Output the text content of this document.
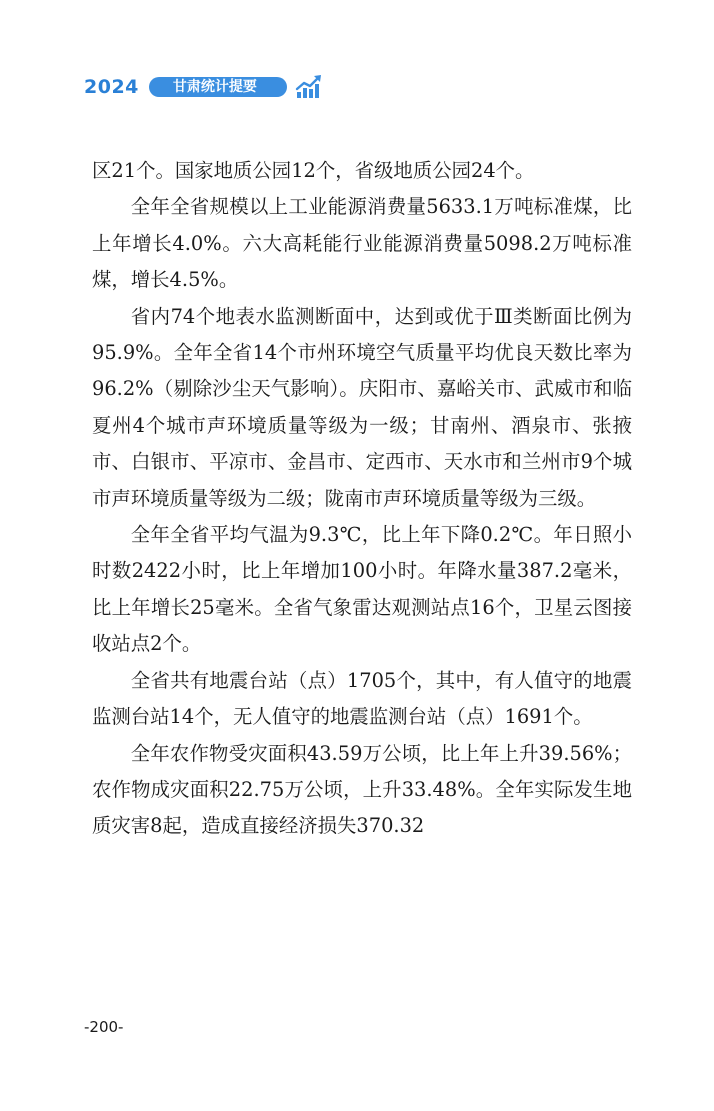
2024	甘肃统计提要

区21个。国家地质公园12个，省级地质公园24个。

全年全省规模以上工业能源消费量5633.1万吨标准煤，比上年增长4.0%。六大高耗能行业能源消费量5098.2万吨标准煤，增长4.5%。

省内74个地表水监测断面中，达到或优于Ⅲ类断面比例为95.9%。全年全省14个市州环境空气质量平均优良天数比率为96.2%（剔除沙尘天气影响）。庆阳市、嘉峪关市、武威市和临夏州4个城市声环境质量等级为一级；甘南州、酒泉市、张掖市、白银市、平凉市、金昌市、定西市、天水市和兰州市9个城市声环境质量等级为二级；陇南市声环境质量等级为三级。

全年全省平均气温为9.3℃，比上年下降0.2℃。年日照小时数2422小时，比上年增加100小时。年降水量387.2毫米，比上年增长25毫米。全省气象雷达观测站点16个，卫星云图接收站点2个。

全省共有地震台站（点）1705个，其中，有人值守的地震监测台站14个，无人值守的地震监测台站（点）1691个。

全年农作物受灾面积43.59万公顷，比上年上升39.56%；农作物成灾面积22.75万公顷，上升33.48%。全年实际发生地质灾害8起，造成直接经济损失370.32

-200-
